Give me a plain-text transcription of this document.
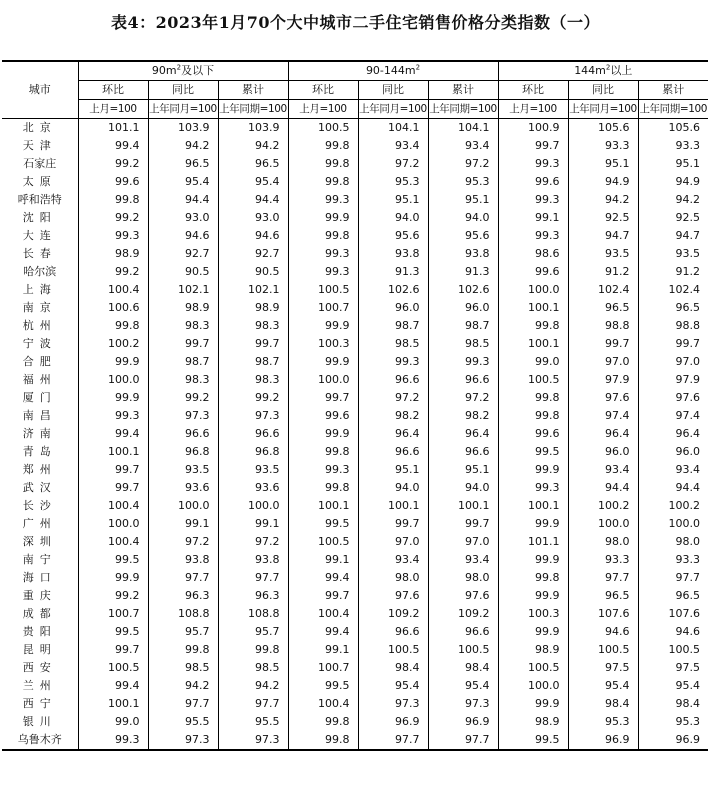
表4：2023年1月70个大中城市二手住宅销售价格分类指数（一）
城市	$90m^2$及以下			$90-144m^2$			$144m^2$以上		
	环比	同比	累计	环比	同比	累计	环比	同比	累计
	上月=100	上年同月=100	上年同期=100	上月=100	上年同月=100	上年同期=100	上月=100	上年同月=100	上年同期=100
北京	101.1	103.9	103.9	100.5	104.1	104.1	100.9	105.6	105.6
天津	99.4	94.2	94.2	99.8	93.4	93.4	99.7	93.3	93.3
石家庄	99.2	96.5	96.5	99.8	97.2	97.2	99.3	95.1	95.1
太原	99.6	95.4	95.4	99.8	95.3	95.3	99.6	94.9	94.9
呼和浩特	99.8	94.4	94.4	99.3	95.1	95.1	99.3	94.2	94.2
沈阳	99.2	93.0	93.0	99.9	94.0	94.0	99.1	92.5	92.5
大连	99.3	94.6	94.6	99.8	95.6	95.6	99.3	94.7	94.7
长春	98.9	92.7	92.7	99.3	93.8	93.8	98.6	93.5	93.5
哈尔滨	99.2	90.5	90.5	99.3	91.3	91.3	99.6	91.2	91.2
上海	100.4	102.1	102.1	100.5	102.6	102.6	100.0	102.4	102.4
南京	100.6	98.9	98.9	100.7	96.0	96.0	100.1	96.5	96.5
杭州	99.8	98.3	98.3	99.9	98.7	98.7	99.8	98.8	98.8
宁波	100.2	99.7	99.7	100.3	98.5	98.5	100.1	99.7	99.7
合肥	99.9	98.7	98.7	99.9	99.3	99.3	99.0	97.0	97.0
福州	100.0	98.3	98.3	100.0	96.6	96.6	100.5	97.9	97.9
厦门	99.9	99.2	99.2	99.7	97.2	97.2	99.8	97.6	97.6
南昌	99.3	97.3	97.3	99.6	98.2	98.2	99.8	97.4	97.4
济南	99.4	96.6	96.6	99.9	96.4	96.4	99.6	96.4	96.4
青岛	100.1	96.8	96.8	99.8	96.6	96.6	99.5	96.0	96.0
郑州	99.7	93.5	93.5	99.3	95.1	95.1	99.9	93.4	93.4
武汉	99.7	93.6	93.6	99.8	94.0	94.0	99.3	94.4	94.4
长沙	100.4	100.0	100.0	100.1	100.1	100.1	100.1	100.2	100.2
广州	100.0	99.1	99.1	99.5	99.7	99.7	99.9	100.0	100.0
深圳	100.4	97.2	97.2	100.5	97.0	97.0	101.1	98.0	98.0
南宁	99.5	93.8	93.8	99.1	93.4	93.4	99.9	93.3	93.3
海口	99.9	97.7	97.7	99.4	98.0	98.0	99.8	97.7	97.7
重庆	99.2	96.3	96.3	99.7	97.6	97.6	99.9	96.5	96.5
成都	100.7	108.8	108.8	100.4	109.2	109.2	100.3	107.6	107.6
贵阳	99.5	95.7	95.7	99.4	96.6	96.6	99.9	94.6	94.6
昆明	99.7	99.8	99.8	99.1	100.5	100.5	98.9	100.5	100.5
西安	100.5	98.5	98.5	100.7	98.4	98.4	100.5	97.5	97.5
兰州	99.4	94.2	94.2	99.5	95.4	95.4	100.0	95.4	95.4
西宁	100.1	97.7	97.7	100.4	97.3	97.3	99.9	98.4	98.4
银川	99.0	95.5	95.5	99.8	96.9	96.9	98.9	95.3	95.3
乌鲁木齐	99.3	97.3	97.3	99.8	97.7	97.7	99.5	96.9	96.9
